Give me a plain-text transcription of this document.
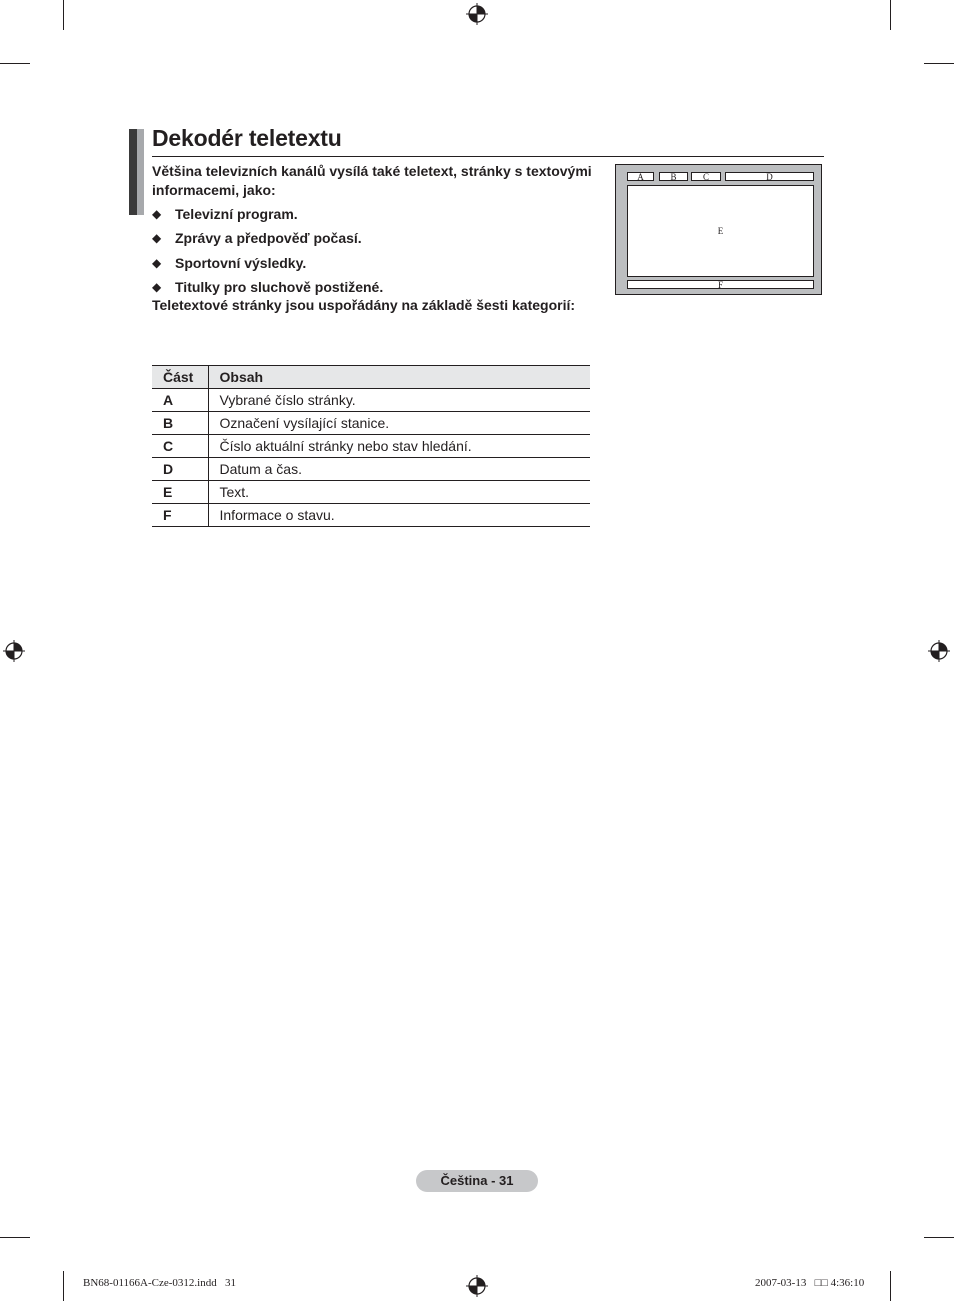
Dekodér teletextu
Většina televizních kanálů vysílá také teletext, stránky s textovými informacemi, jako:
◆ Televizní program.
◆ Zprávy a předpověď počasí.
◆ Sportovní výsledky.
◆ Titulky pro sluchově postižené.
Teletextové stránky jsou uspořádány na základě šesti kategorií:
A	B	C	D
E
F
Část	Obsah
A	Vybrané číslo stránky.
B	Označení vysílající stanice.
C	Číslo aktuální stránky nebo stav hledání.
D	Datum a čas.
E	Text.
F	Informace o stavu.
Čeština - 31
BN68-01166A-Cze-0312.indd   31	2007-03-13   □□ 4:36:10
